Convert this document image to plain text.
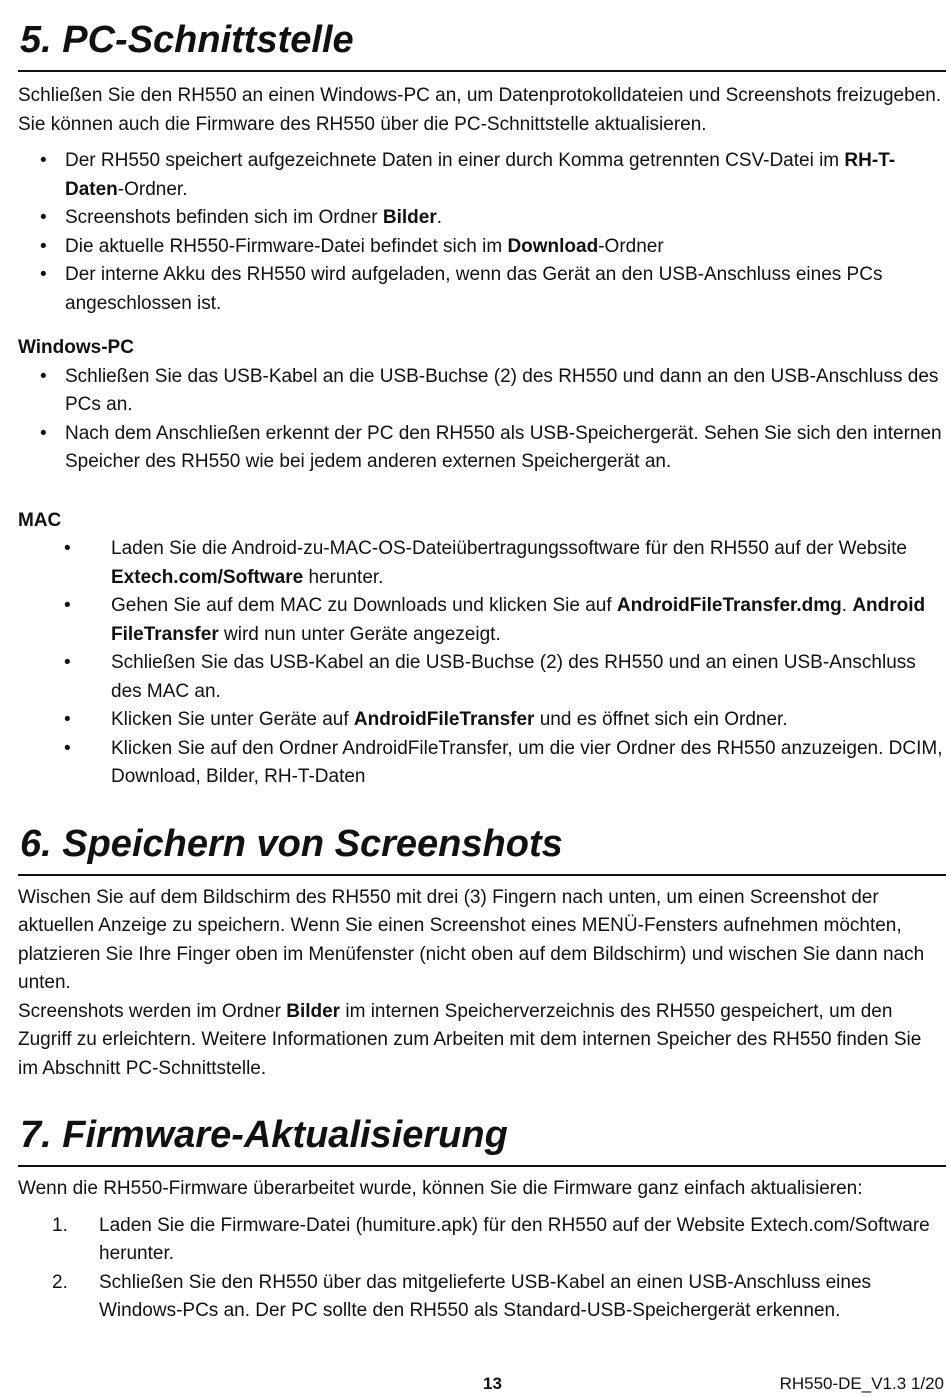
5. PC-Schnittstelle

Schließen Sie den RH550 an einen Windows-PC an, um Datenprotokolldateien und Screenshots freizugeben. Sie können auch die Firmware des RH550 über die PC-Schnittstelle aktualisieren.

• Der RH550 speichert aufgezeichnete Daten in einer durch Komma getrennten CSV-Datei im RH-T-Daten-Ordner.
• Screenshots befinden sich im Ordner Bilder.
• Die aktuelle RH550-Firmware-Datei befindet sich im Download-Ordner
• Der interne Akku des RH550 wird aufgeladen, wenn das Gerät an den USB-Anschluss eines PCs angeschlossen ist.

Windows-PC

• Schließen Sie das USB-Kabel an die USB-Buchse (2) des RH550 und dann an den USB-Anschluss des PCs an.
• Nach dem Anschließen erkennt der PC den RH550 als USB-Speichergerät. Sehen Sie sich den internen Speicher des RH550 wie bei jedem anderen externen Speichergerät an.

MAC

• Laden Sie die Android-zu-MAC-OS-Dateiübertragungssoftware für den RH550 auf der Website Extech.com/Software herunter.
• Gehen Sie auf dem MAC zu Downloads und klicken Sie auf AndroidFileTransfer.dmg. Android FileTransfer wird nun unter Geräte angezeigt.
• Schließen Sie das USB-Kabel an die USB-Buchse (2) des RH550 und an einen USB-Anschluss des MAC an.
• Klicken Sie unter Geräte auf AndroidFileTransfer und es öffnet sich ein Ordner.
• Klicken Sie auf den Ordner AndroidFileTransfer, um die vier Ordner des RH550 anzuzeigen. DCIM, Download, Bilder, RH-T-Daten
6. Speichern von Screenshots

Wischen Sie auf dem Bildschirm des RH550 mit drei (3) Fingern nach unten, um einen Screenshot der aktuellen Anzeige zu speichern. Wenn Sie einen Screenshot eines MENÜ-Fensters aufnehmen möchten, platzieren Sie Ihre Finger oben im Menüfenster (nicht oben auf dem Bildschirm) und wischen Sie dann nach unten.

Screenshots werden im Ordner Bilder im internen Speicherverzeichnis des RH550 gespeichert, um den Zugriff zu erleichtern. Weitere Informationen zum Arbeiten mit dem internen Speicher des RH550 finden Sie im Abschnitt PC-Schnittstelle.

7. Firmware-Aktualisierung

Wenn die RH550-Firmware überarbeitet wurde, können Sie die Firmware ganz einfach aktualisieren:

1. Laden Sie die Firmware-Datei (humiture.apk) für den RH550 auf der Website Extech.com/Software herunter.
2. Schließen Sie den RH550 über das mitgelieferte USB-Kabel an einen USB-Anschluss eines Windows-PCs an. Der PC sollte den RH550 als Standard-USB-Speichergerät erkennen.
13	RH550-DE_V1.3 1/20
